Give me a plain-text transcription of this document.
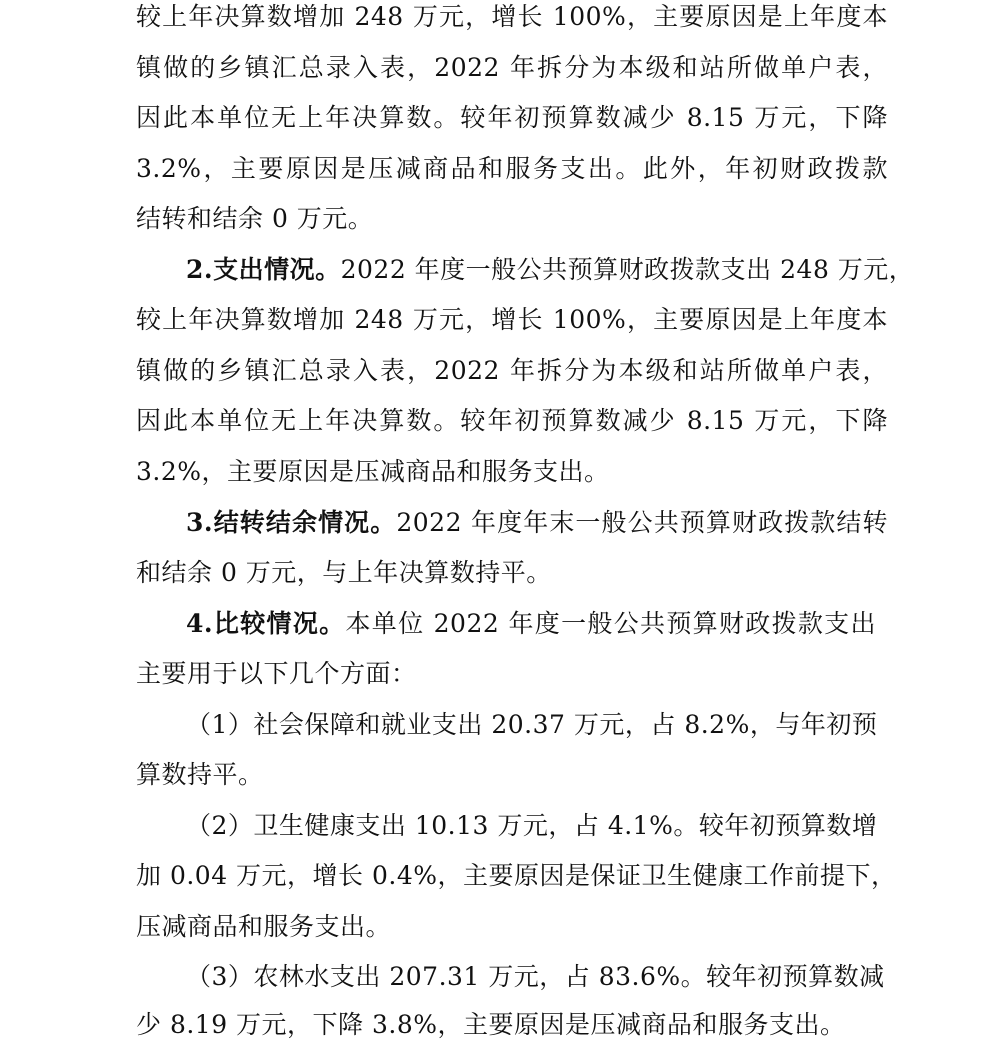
较上年决算数增加 248 万元，增长 100%，主要原因是上年度本
镇做的乡镇汇总录入表，2022 年拆分为本级和站所做单户表，
因此本单位无上年决算数。较年初预算数减少 8.15 万元，下降
3.2%，主要原因是压减商品和服务支出。此外，年初财政拨款
结转和结余 0 万元。
2.支出情况。2022 年度一般公共预算财政拨款支出 248 万元，
较上年决算数增加 248 万元，增长 100%，主要原因是上年度本
镇做的乡镇汇总录入表，2022 年拆分为本级和站所做单户表，
因此本单位无上年决算数。较年初预算数减少 8.15 万元，下降
3.2%，主要原因是压减商品和服务支出。
3.结转结余情况。2022 年度年末一般公共预算财政拨款结转
和结余 0 万元，与上年决算数持平。
4.比较情况。本单位 2022 年度一般公共预算财政拨款支出
主要用于以下几个方面：
（1）社会保障和就业支出 20.37 万元，占 8.2%，与年初预
算数持平。
（2）卫生健康支出 10.13 万元，占 4.1%。较年初预算数增
加 0.04 万元，增长 0.4%，主要原因是保证卫生健康工作前提下，
压减商品和服务支出。
（3）农林水支出 207.31 万元，占 83.6%。较年初预算数减
少 8.19 万元，下降 3.8%，主要原因是压减商品和服务支出。
